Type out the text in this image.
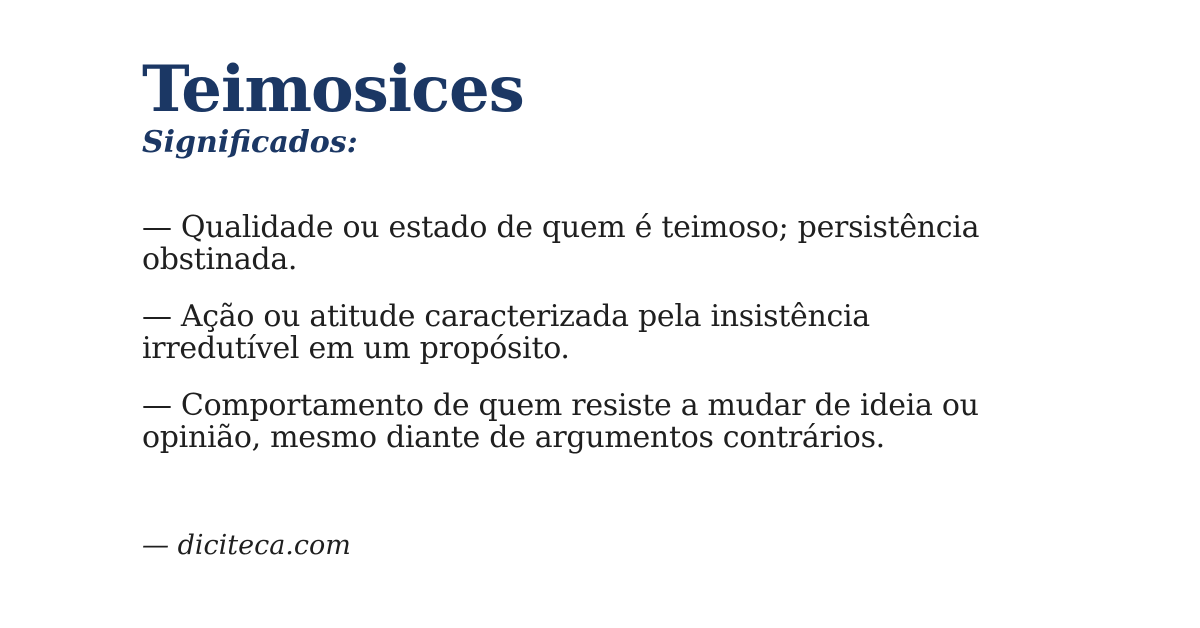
Teimosices
Significados:

— Qualidade ou estado de quem é teimoso; persistência
obstinada.

— Ação ou atitude caracterizada pela insistência
irredutível em um propósito.

— Comportamento de quem resiste a mudar de ideia ou
opinião, mesmo diante de argumentos contrários.

— diciteca.com
